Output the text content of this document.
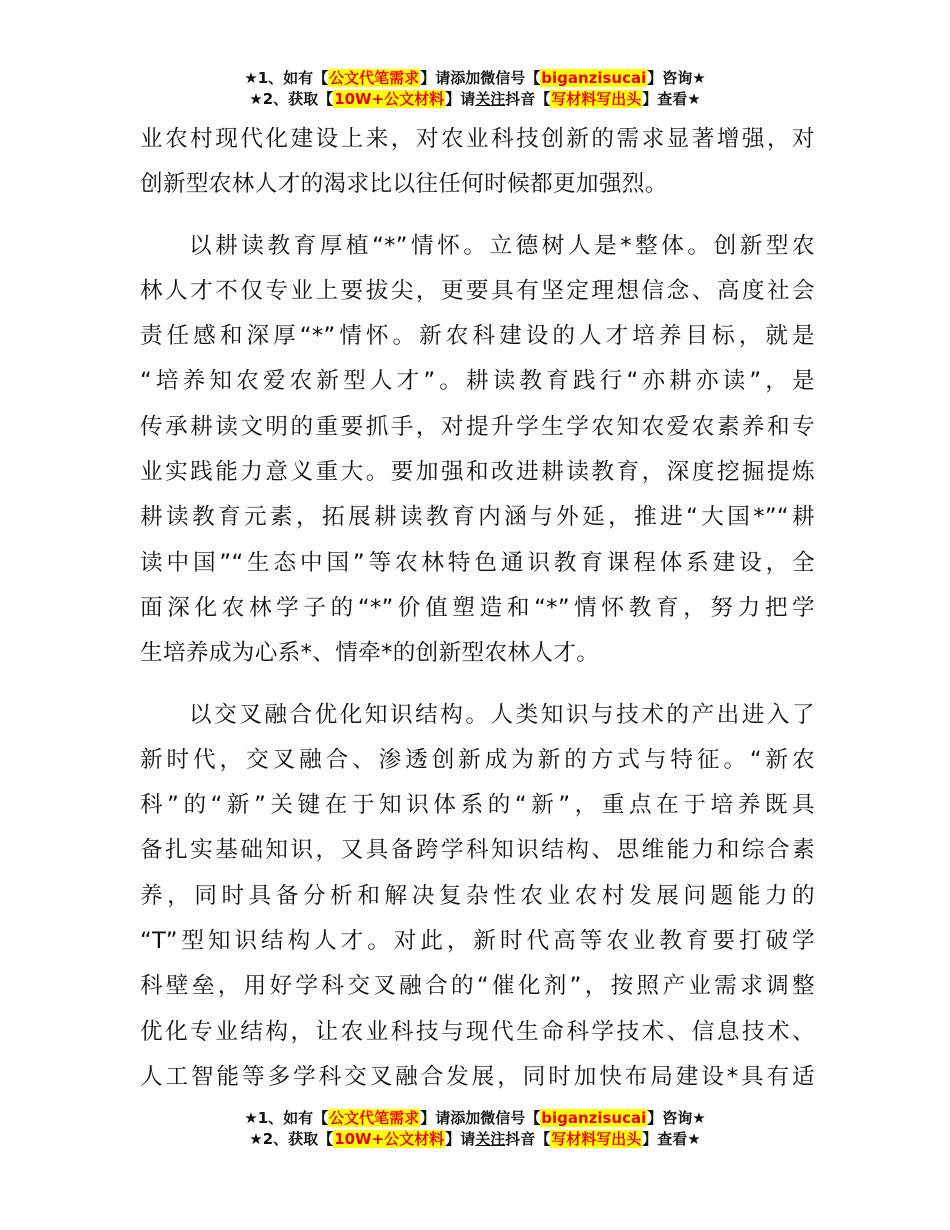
★1、如有【公文代笔需求】请添加微信号【biganzisucai】咨询★
★2、获取【10W+公文材料】请关注抖音【写材料写出头】查看★
业农村现代化建设上来，对农业科技创新的需求显著增强，对
创新型农林人才的渴求比以往任何时候都更加强烈。
以耕读教育厚植“*”情怀。立德树人是*整体。创新型农
林人才不仅专业上要拔尖，更要具有坚定理想信念、高度社会
责任感和深厚“*”情怀。新农科建设的人才培养目标，就是
“培养知农爱农新型人才”。耕读教育践行“亦耕亦读”，是
传承耕读文明的重要抓手，对提升学生学农知农爱农素养和专
业实践能力意义重大。要加强和改进耕读教育，深度挖掘提炼
耕读教育元素，拓展耕读教育内涵与外延，推进“大国*”“耕
读中国”“生态中国”等农林特色通识教育课程体系建设，全
面深化农林学子的“*”价值塑造和“*”情怀教育，努力把学
生培养成为心系*、情牵*的创新型农林人才。
以交叉融合优化知识结构。人类知识与技术的产出进入了
新时代，交叉融合、渗透创新成为新的方式与特征。“新农
科”的“新”关键在于知识体系的“新”，重点在于培养既具
备扎实基础知识，又具备跨学科知识结构、思维能力和综合素
养，同时具备分析和解决复杂性农业农村发展问题能力的
“T”型知识结构人才。对此，新时代高等农业教育要打破学
科壁垒，用好学科交叉融合的“催化剂”，按照产业需求调整
优化专业结构，让农业科技与现代生命科学技术、信息技术、
人工智能等多学科交叉融合发展，同时加快布局建设*具有适
★1、如有【公文代笔需求】请添加微信号【biganzisucai】咨询★
★2、获取【10W+公文材料】请关注抖音【写材料写出头】查看★
